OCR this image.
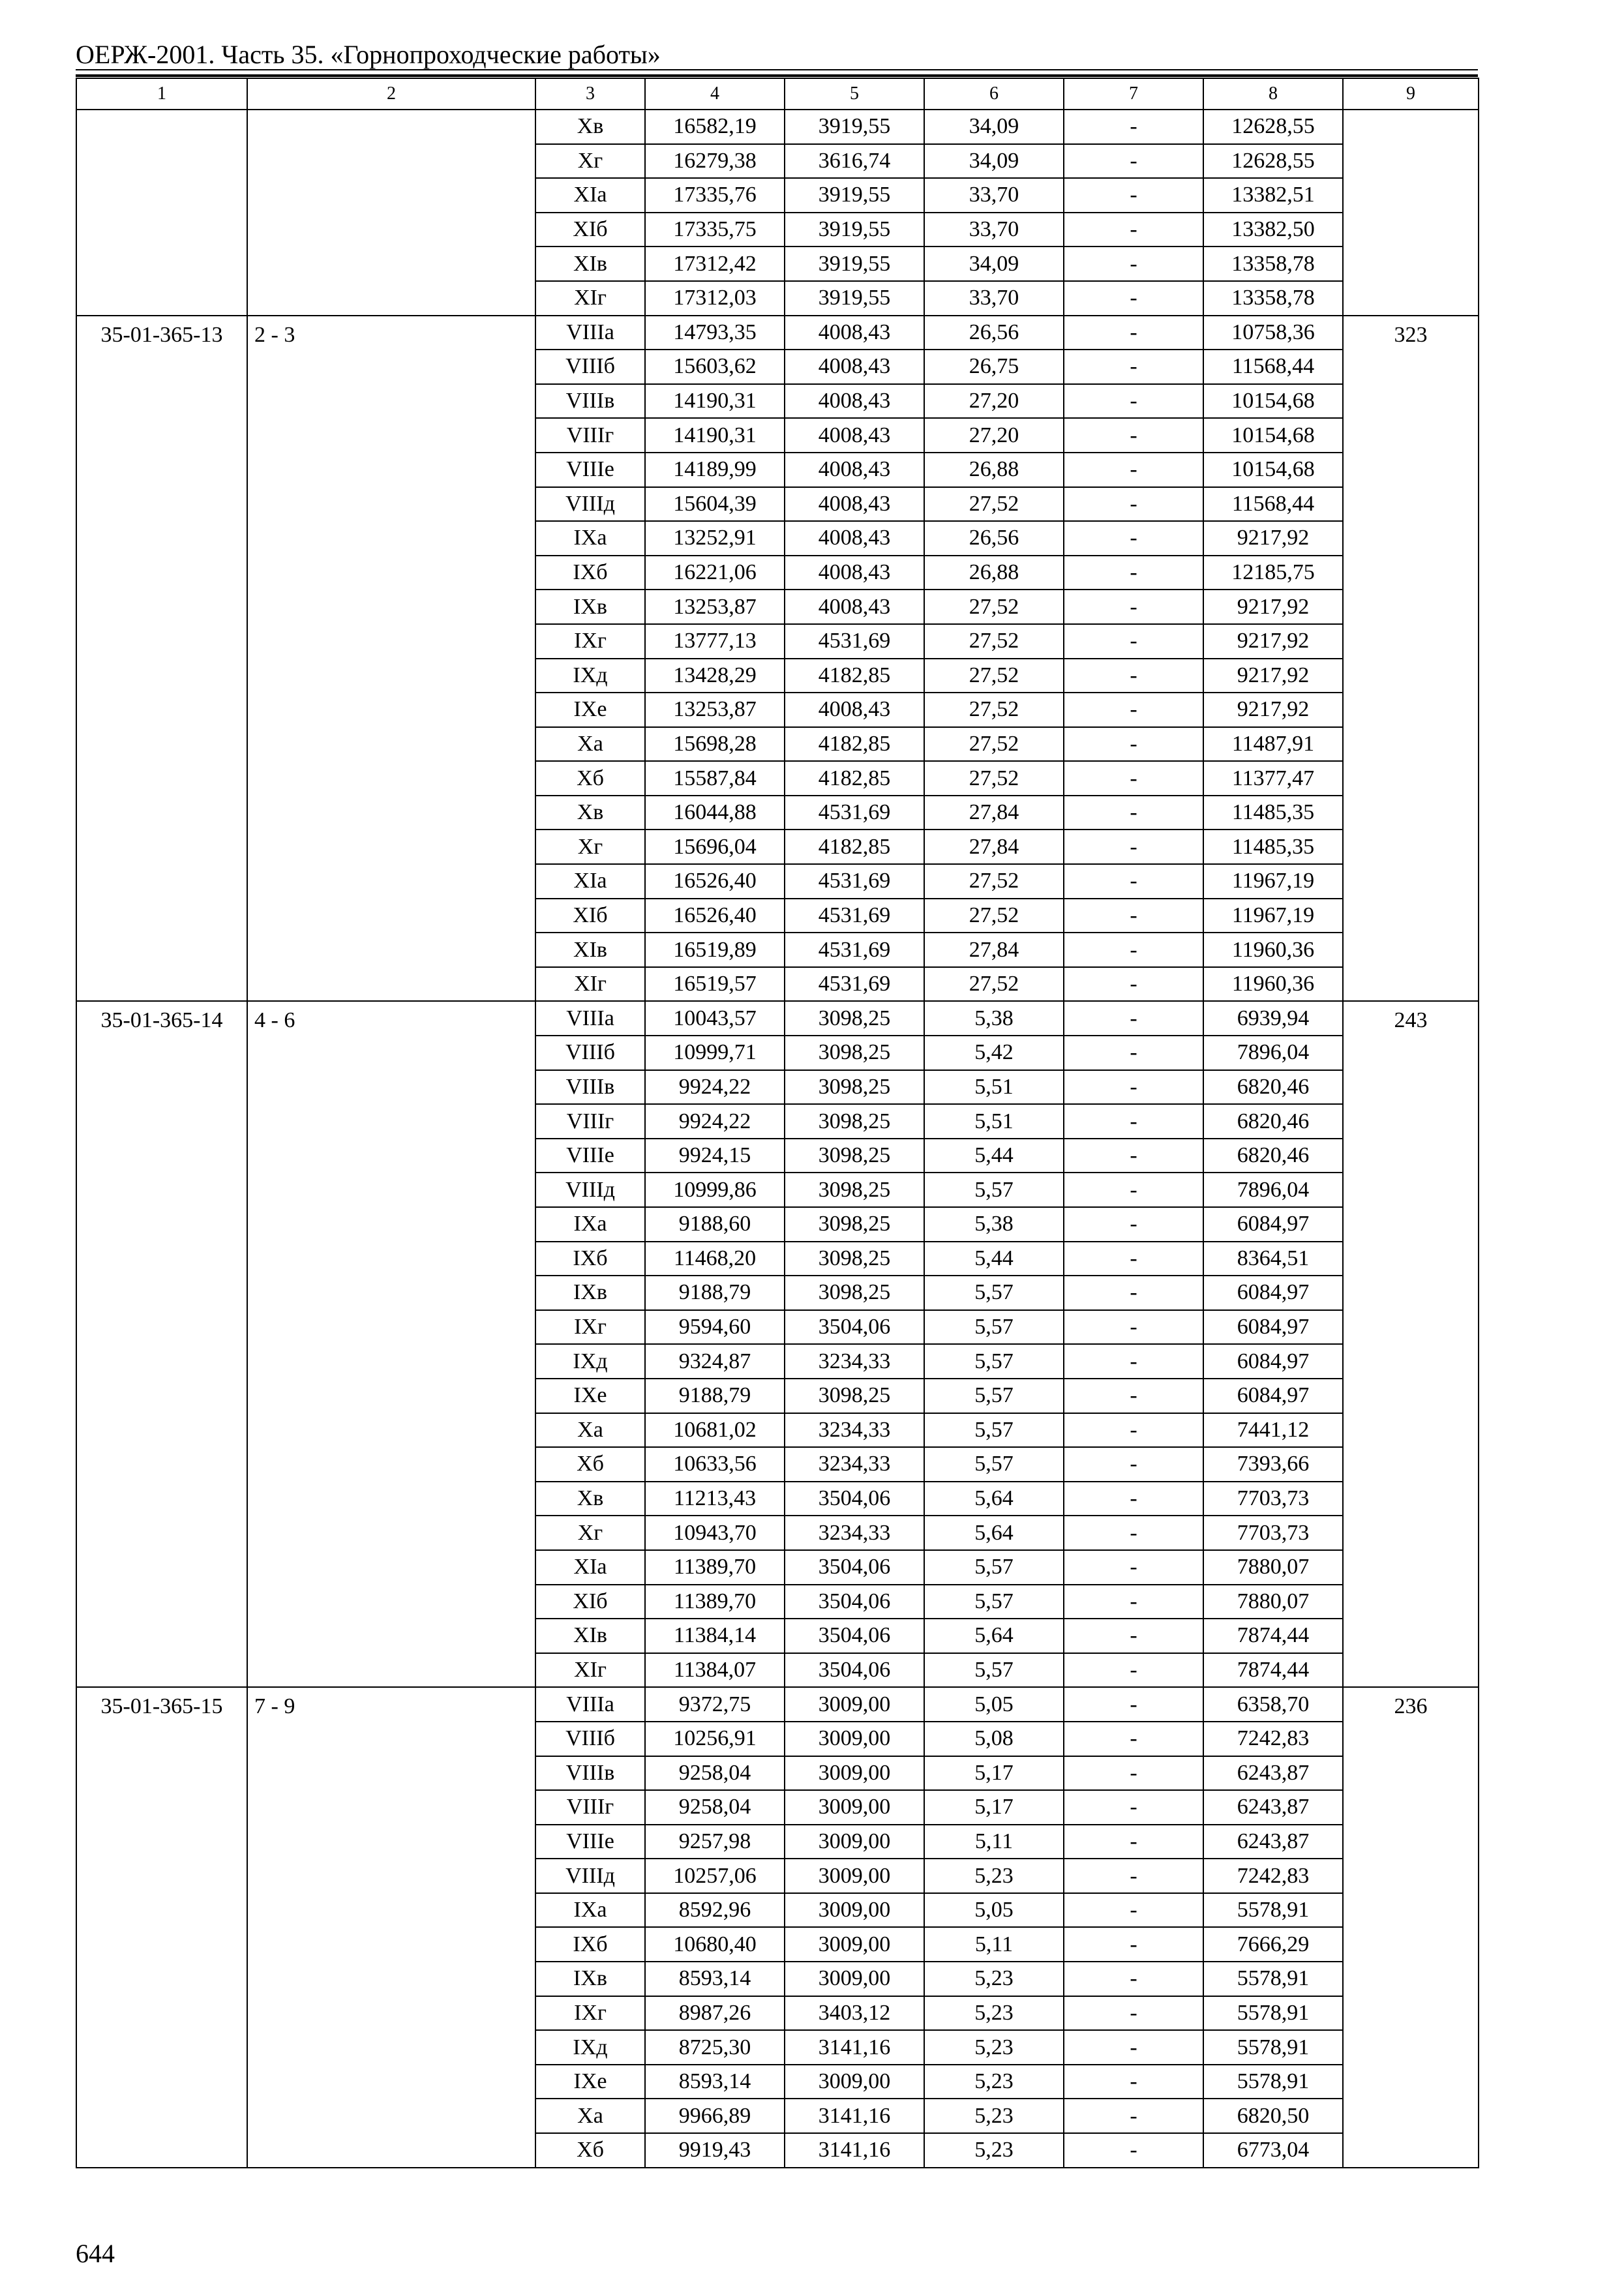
ОЕРЖ-2001. Часть 35. «Горнопроходческие работы»
1	2	3	4	5	6	7	8	9
		Хв	16582,19	3919,55	34,09	-	12628,55	
		Хг	16279,38	3616,74	34,09	-	12628,55	
		ХIа	17335,76	3919,55	33,70	-	13382,51	
		ХIб	17335,75	3919,55	33,70	-	13382,50	
		ХIв	17312,42	3919,55	34,09	-	13358,78	
		ХIг	17312,03	3919,55	33,70	-	13358,78	
35-01-365-13	2 - 3	VIIIа	14793,35	4008,43	26,56	-	10758,36	323
		VIIIб	15603,62	4008,43	26,75	-	11568,44	
		VIIIв	14190,31	4008,43	27,20	-	10154,68	
		VIIIг	14190,31	4008,43	27,20	-	10154,68	
		VIIIе	14189,99	4008,43	26,88	-	10154,68	
		VIIIд	15604,39	4008,43	27,52	-	11568,44	
		IХа	13252,91	4008,43	26,56	-	9217,92	
		IХб	16221,06	4008,43	26,88	-	12185,75	
		IХв	13253,87	4008,43	27,52	-	9217,92	
		IХг	13777,13	4531,69	27,52	-	9217,92	
		IХд	13428,29	4182,85	27,52	-	9217,92	
		IХе	13253,87	4008,43	27,52	-	9217,92	
		Ха	15698,28	4182,85	27,52	-	11487,91	
		Хб	15587,84	4182,85	27,52	-	11377,47	
		Хв	16044,88	4531,69	27,84	-	11485,35	
		Хг	15696,04	4182,85	27,84	-	11485,35	
		ХIа	16526,40	4531,69	27,52	-	11967,19	
		ХIб	16526,40	4531,69	27,52	-	11967,19	
		ХIв	16519,89	4531,69	27,84	-	11960,36	
		ХIг	16519,57	4531,69	27,52	-	11960,36	
35-01-365-14	4 - 6	VIIIа	10043,57	3098,25	5,38	-	6939,94	243
		VIIIб	10999,71	3098,25	5,42	-	7896,04	
		VIIIв	9924,22	3098,25	5,51	-	6820,46	
		VIIIг	9924,22	3098,25	5,51	-	6820,46	
		VIIIе	9924,15	3098,25	5,44	-	6820,46	
		VIIIд	10999,86	3098,25	5,57	-	7896,04	
		IХа	9188,60	3098,25	5,38	-	6084,97	
		IХб	11468,20	3098,25	5,44	-	8364,51	
		IХв	9188,79	3098,25	5,57	-	6084,97	
		IХг	9594,60	3504,06	5,57	-	6084,97	
		IХд	9324,87	3234,33	5,57	-	6084,97	
		IХе	9188,79	3098,25	5,57	-	6084,97	
		Ха	10681,02	3234,33	5,57	-	7441,12	
		Хб	10633,56	3234,33	5,57	-	7393,66	
		Хв	11213,43	3504,06	5,64	-	7703,73	
		Хг	10943,70	3234,33	5,64	-	7703,73	
		ХIа	11389,70	3504,06	5,57	-	7880,07	
		ХIб	11389,70	3504,06	5,57	-	7880,07	
		ХIв	11384,14	3504,06	5,64	-	7874,44	
		ХIг	11384,07	3504,06	5,57	-	7874,44	
35-01-365-15	7 - 9	VIIIа	9372,75	3009,00	5,05	-	6358,70	236
		VIIIб	10256,91	3009,00	5,08	-	7242,83	
		VIIIв	9258,04	3009,00	5,17	-	6243,87	
		VIIIг	9258,04	3009,00	5,17	-	6243,87	
		VIIIе	9257,98	3009,00	5,11	-	6243,87	
		VIIIд	10257,06	3009,00	5,23	-	7242,83	
		IХа	8592,96	3009,00	5,05	-	5578,91	
		IХб	10680,40	3009,00	5,11	-	7666,29	
		IХв	8593,14	3009,00	5,23	-	5578,91	
		IХг	8987,26	3403,12	5,23	-	5578,91	
		IХд	8725,30	3141,16	5,23	-	5578,91	
		IХе	8593,14	3009,00	5,23	-	5578,91	
		Ха	9966,89	3141,16	5,23	-	6820,50	
		Хб	9919,43	3141,16	5,23	-	6773,04	
644
